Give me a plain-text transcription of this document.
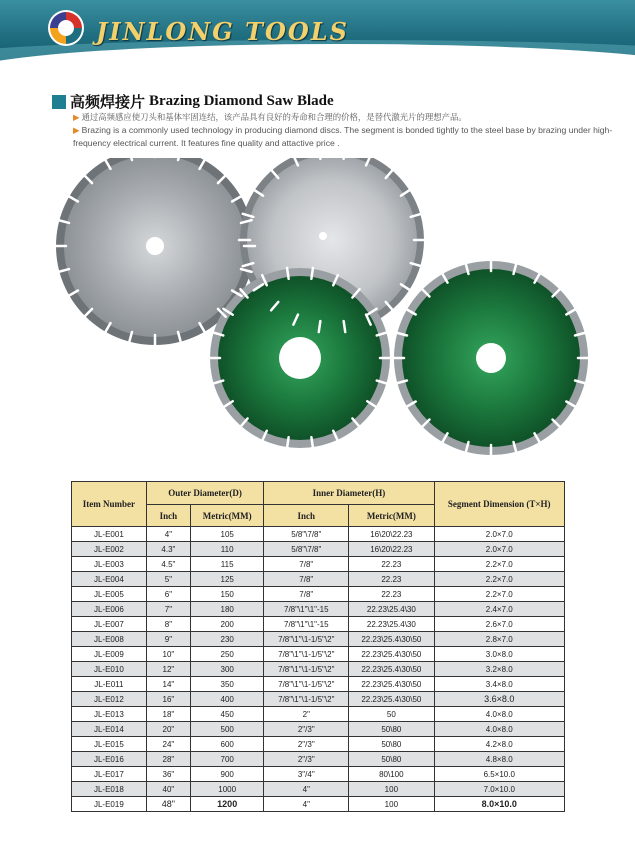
JINLONG TOOLS
高频焊接片 Brazing Diamond Saw Blade

▶ 通过高频感应使刀头和基体牢固连结，该产品具有良好的寿命和合理的价格，是替代激光片的理想产品。

▶ Brazing is a commonly used technology in producing diamond discs. The segment is bonded tightly to the steel base by brazing under high-frequency electrical current. It features fine quality and attactive price .

Item Number	Outer Diameter(D)		Inner Diameter(H)		Segment Dimension (T×H)
	Inch	Metric(MM)	Inch	Metric(MM)	
JL-E001	4"	105	5/8"\7/8"	16\20\22.23	2.0×7.0
JL-E002	4.3"	110	5/8"\7/8"	16\20\22.23	2.0×7.0
JL-E003	4.5"	115	7/8"	22.23	2.2×7.0
JL-E004	5"	125	7/8"	22.23	2.2×7.0
JL-E005	6"	150	7/8"	22.23	2.2×7.0
JL-E006	7"	180	7/8"\1"\1"-15	22.23\25.4\30	2.4×7.0
JL-E007	8"	200	7/8"\1"\1"-15	22.23\25.4\30	2.6×7.0
JL-E008	9"	230	7/8"\1"\1-1/5"\2"	22.23\25.4\30\50	2.8×7.0
JL-E009	10"	250	7/8"\1"\1-1/5"\2"	22.23\25.4\30\50	3.0×8.0
JL-E010	12"	300	7/8"\1"\1-1/5"\2"	22.23\25.4\30\50	3.2×8.0
JL-E011	14"	350	7/8"\1"\1-1/5"\2"	22.23\25.4\30\50	3.4×8.0
JL-E012	16"	400	7/8"\1"\1-1/5"\2"	22.23\25.4\30\50	3.6×8.0
JL-E013	18"	450	2"	50	4.0×8.0
JL-E014	20"	500	2"/3"	50\80	4.0×8.0
JL-E015	24"	600	2"/3"	50\80	4.2×8.0
JL-E016	28"	700	2"/3"	50\80	4.8×8.0
JL-E017	36"	900	3"/4"	80\100	6.5×10.0
JL-E018	40"	1000	4"	100	7.0×10.0
JL-E019	48"	1200	4"	100	8.0×10.0
